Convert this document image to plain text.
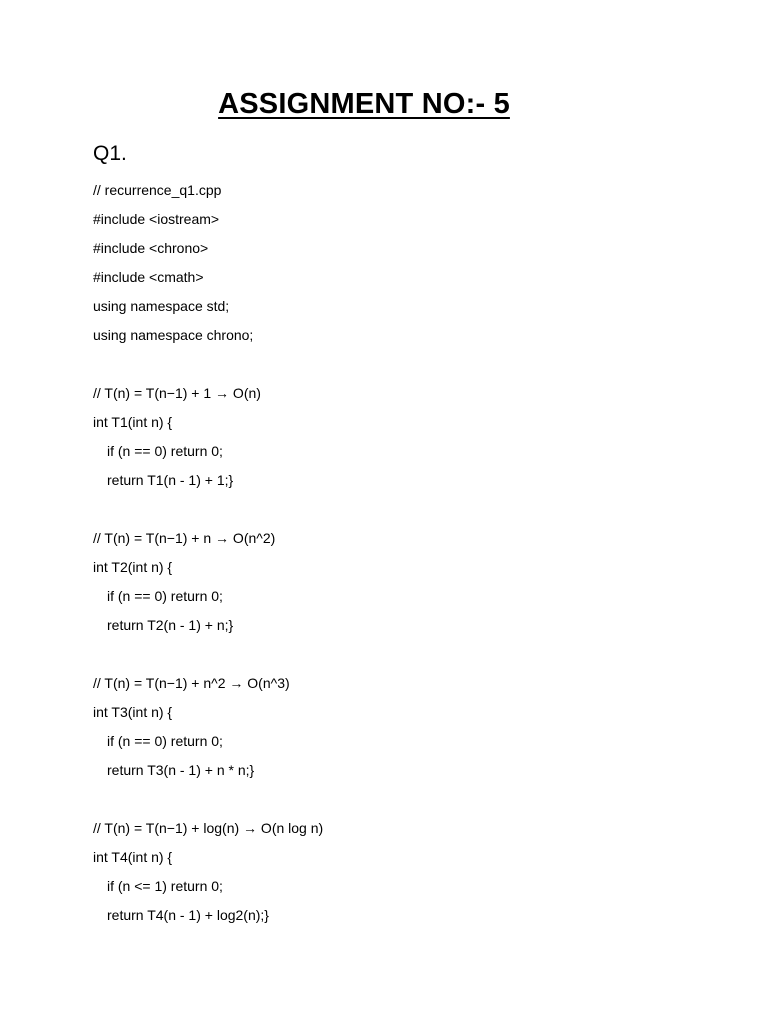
ASSIGNMENT NO:- 5
Q1.
// recurrence_q1.cpp
#include <iostream>
#include <chrono>
#include <cmath>
using namespace std;
using namespace chrono;
// T(n) = T(n−1) + 1 → O(n)
int T1(int n) {
if (n == 0) return 0;
return T1(n - 1) + 1;}
// T(n) = T(n−1) + n → O(n^2)
int T2(int n) {
if (n == 0) return 0;
return T2(n - 1) + n;}
// T(n) = T(n−1) + n^2 → O(n^3)
int T3(int n) {
if (n == 0) return 0;
return T3(n - 1) + n * n;}
// T(n) = T(n−1) + log(n) → O(n log n)
int T4(int n) {
if (n <= 1) return 0;
return T4(n - 1) + log2(n);}
